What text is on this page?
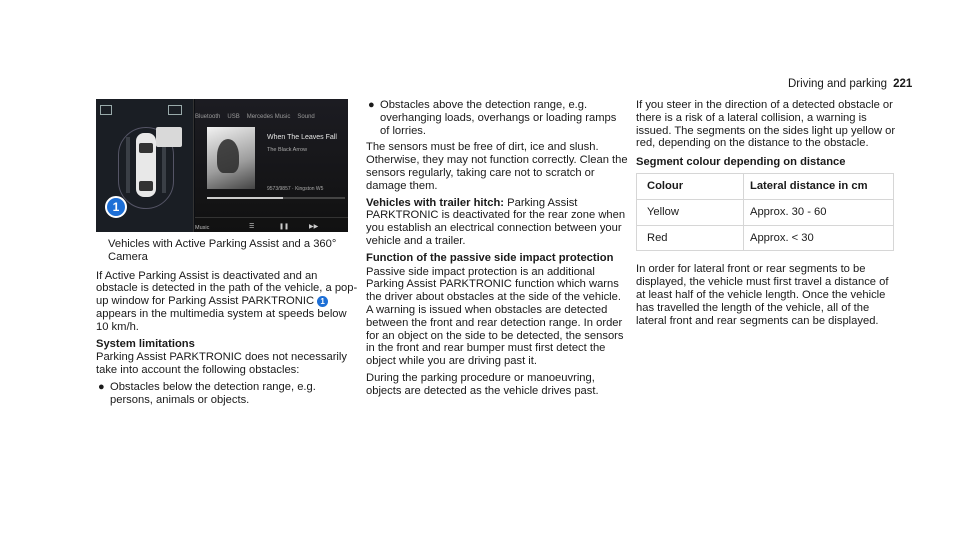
Driving and parking 221
1
Bluetooth USB Mercedes Music Sound
When The Leaves Fall
The Black Arrow
9573/9857 · Kingston W5
Music	☰	❚❚	▶▶

Vehicles with Active Parking Assist and a 360° Camera

If Active Parking Assist is deactivated and an obstacle is detected in the path of the vehicle, a pop-up window for Parking Assist PARKTRONIC 1 appears in the multimedia system at speeds below 10 km/h.

System limitations

Parking Assist PARKTRONIC does not necessarily take into account the following obstacles:

● Obstacles below the detection range, e.g. persons, animals or objects.
● Obstacles above the detection range, e.g. overhanging loads, overhangs or loading ramps of lorries.

The sensors must be free of dirt, ice and slush. Otherwise, they may not function correctly. Clean the sensors regularly, taking care not to scratch or damage them.

Vehicles with trailer hitch: Parking Assist PARKTRONIC is deactivated for the rear zone when you establish an electrical connection between your vehicle and a trailer.

Function of the passive side impact protection

Passive side impact protection is an additional Parking Assist PARKTRONIC function which warns the driver about obstacles at the side of the vehicle. A warning is issued when obstacles are detected between the front and rear detection range. In order for an object on the side to be detected, the sensors in the front and rear bumper must first detect the object while you are driving past it.

During the parking procedure or manoeuvring, objects are detected as the vehicle drives past.

If you steer in the direction of a detected obstacle or there is a risk of a lateral collision, a warning is issued. The segments on the sides light up yellow or red, depending on the distance to the obstacle.

Segment colour depending on distance

Colour	Lateral distance in cm
Yellow	Approx. 30 - 60
Red	Approx. < 30

In order for lateral front or rear segments to be displayed, the vehicle must first travel a distance of at least half of the vehicle length. Once the vehicle has travelled the length of the vehicle, all of the lateral front and rear segments can be displayed.
